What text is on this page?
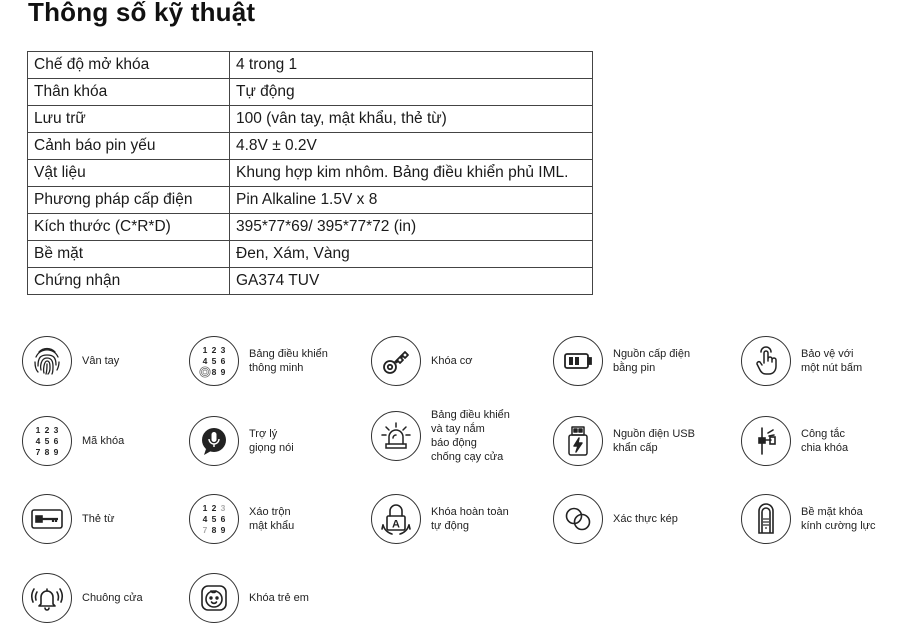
Thông số kỹ thuật
Chế độ mở khóa	4 trong 1
Thân khóa	Tự động
Lưu trữ	100 (vân tay, mật khẩu, thẻ từ)
Cảnh báo pin yếu	4.8V ± 0.2V
Vật liệu	Khung hợp kim nhôm. Bảng điều khiển phủ IML.
Phương pháp cấp điện	Pin Alkaline 1.5V x 8
Kích thước (C*R*D)	395*77*69/ 395*77*72 (in)
Bề mặt	Đen, Xám, Vàng
Chứng nhận	GA374 TUV
Vân tay
1 2 3
4 5 6
8 9
Bảng điều khiển
thông minh
Khóa cơ
Nguồn cấp điện
bằng pin
Bảo vệ với
một nút bấm
1 2 3
4 5 6
7 8 9
Mã khóa
Trợ lý
giọng nói
Bảng điều khiển
và tay nắm
báo động
chống cạy cửa
Nguồn điện USB
khẩn cấp
Công tắc
chia khóa
Thẻ từ
1 2 3
4 5 6
7 8 9
Xáo trộn
mật khẩu	A
Khóa hoàn toàn
tự động
Xác thực kép
Bề mặt khóa
kính cường lực
Chuông cửa	Khóa trẻ em
